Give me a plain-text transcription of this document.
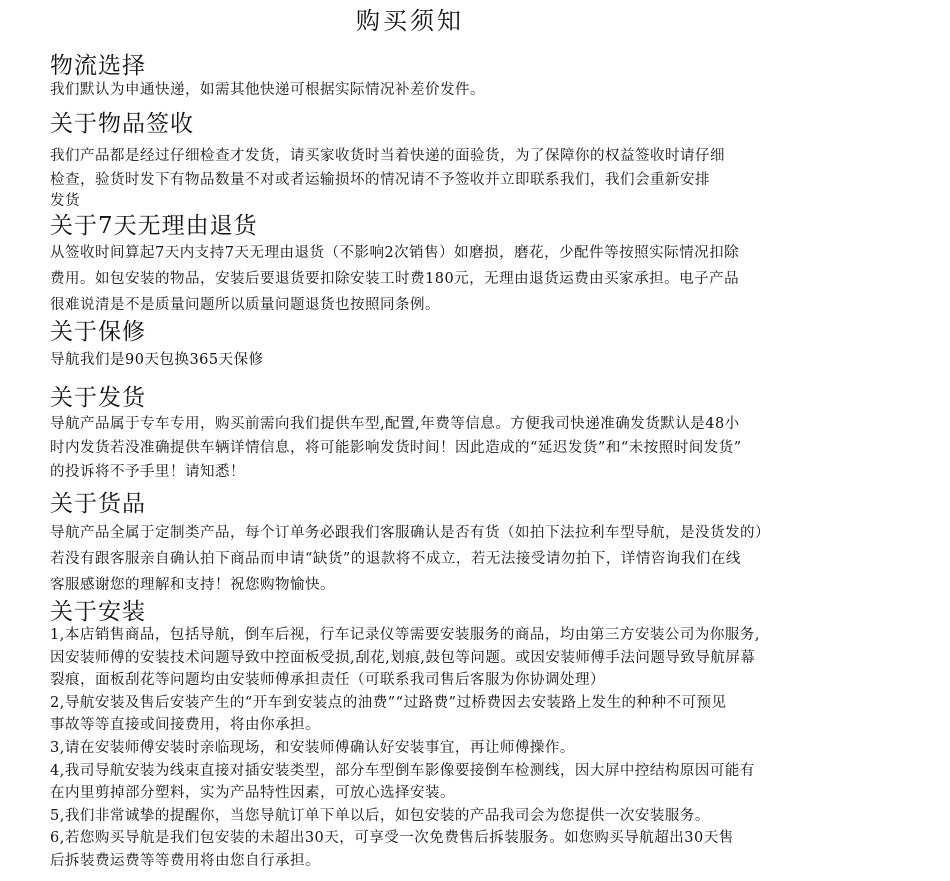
购买须知
物流选择
我们默认为申通快递，如需其他快递可根据实际情况补差价发件。
关于物品签收
我们产品都是经过仔细检查才发货，请买家收货时当着快递的面验货，为了保障你的权益签收时请仔细
检查，验货时发下有物品数量不对或者运输损坏的情况请不予签收并立即联系我们，我们会重新安排
发货
关于7天无理由退货
从签收时间算起7天内支持7天无理由退货（不影响2次销售）如磨损，磨花，少配件等按照实际情况扣除
费用。如包安装的物品，安装后要退货要扣除安装工时费180元，无理由退货运费由买家承担。电子产品
很难说清是不是质量问题所以质量问题退货也按照同条例。
关于保修
导航我们是90天包换365天保修
关于发货
导航产品属于专车专用，购买前需向我们提供车型,配置,年费等信息。方便我司快递准确发货默认是48小
时内发货若没准确提供车辆详情信息，将可能影响发货时间！因此造成的“延迟发货”和“未按照时间发货”
的投诉将不予手里！请知悉！
关于货品
导航产品全属于定制类产品，每个订单务必跟我们客服确认是否有货（如拍下法拉利车型导航，是没货发的）
若没有跟客服亲自确认拍下商品而申请“缺货”的退款将不成立，若无法接受请勿拍下，详情咨询我们在线
客服感谢您的理解和支持！祝您购物愉快。
关于安装
1,本店销售商品，包括导航，倒车后视，行车记录仪等需要安装服务的商品，均由第三方安装公司为你服务,
因安装师傅的安装技术问题导致中控面板受损,刮花,划痕,鼓包等问题。或因安装师傅手法问题导致导航屏幕
裂痕，面板刮花等问题均由安装师傅承担责任（可联系我司售后客服为你协调处理）
2,导航安装及售后安装产生的“开车到安装点的油费”“过路费”过桥费因去安装路上发生的种种不可预见
事故等等直接或间接费用，将由你承担。
3,请在安装师傅安装时亲临现场，和安装师傅确认好安装事宜，再让师傅操作。
4,我司导航安装为线束直接对插安装类型，部分车型倒车影像要接倒车检测线，因大屏中控结构原因可能有
在内里剪掉部分塑料，实为产品特性因素，可放心选择安装。
5,我们非常诚挚的提醒你，当您导航订单下单以后，如包安装的产品我司会为您提供一次安装服务。
6,若您购买导航是我们包安装的未超出30天，可享受一次免费售后拆装服务。如您购买导航超出30天售
后拆装费运费等等费用将由您自行承担。
